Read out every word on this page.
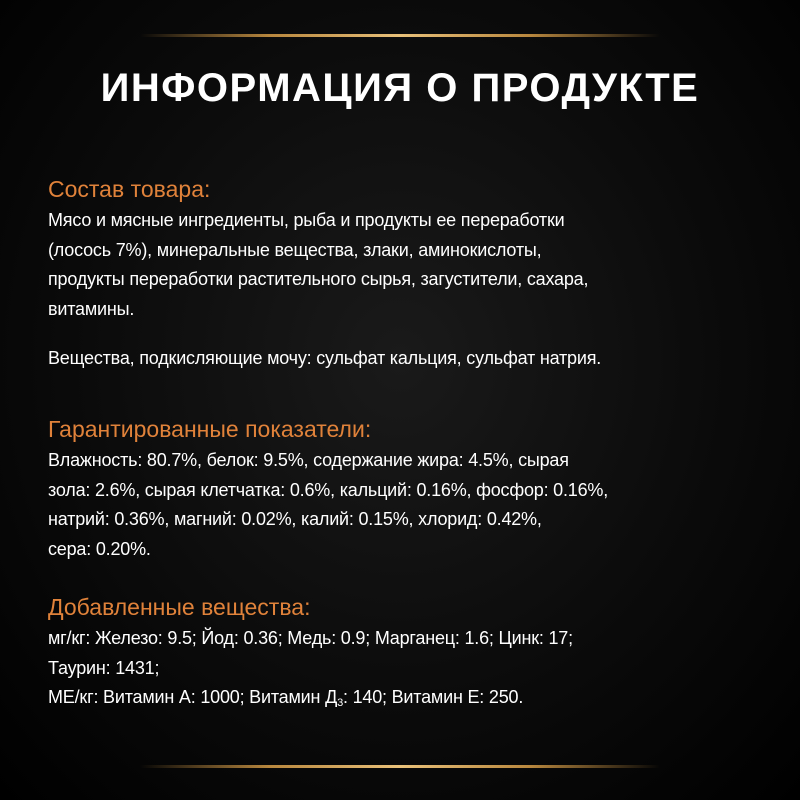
ИНФОРМАЦИЯ О ПРОДУКТЕ
Состав товара:
Мясо и мясные ингредиенты, рыба и продукты ее переработки
(лосось 7%), минеральные вещества, злаки, аминокислоты,
продукты переработки растительного сырья, загустители, сахара,
витамины.
Вещества, подкисляющие мочу: сульфат кальция, сульфат натрия.
Гарантированные показатели:
Влажность: 80.7%, белок: 9.5%, содержание жира: 4.5%, сырая
зола: 2.6%, сырая клетчатка: 0.6%, кальций: 0.16%, фосфор: 0.16%,
натрий: 0.36%, магний: 0.02%, калий: 0.15%, хлорид: 0.42%,
сера: 0.20%.
Добавленные вещества:
мг/кг: Железо: 9.5; Йод: 0.36; Медь: 0.9; Марганец: 1.6; Цинк: 17;
Таурин: 1431;
МЕ/кг: Витамин А: 1000; Витамин $Д_3$: 140; Витамин Е: 250.
